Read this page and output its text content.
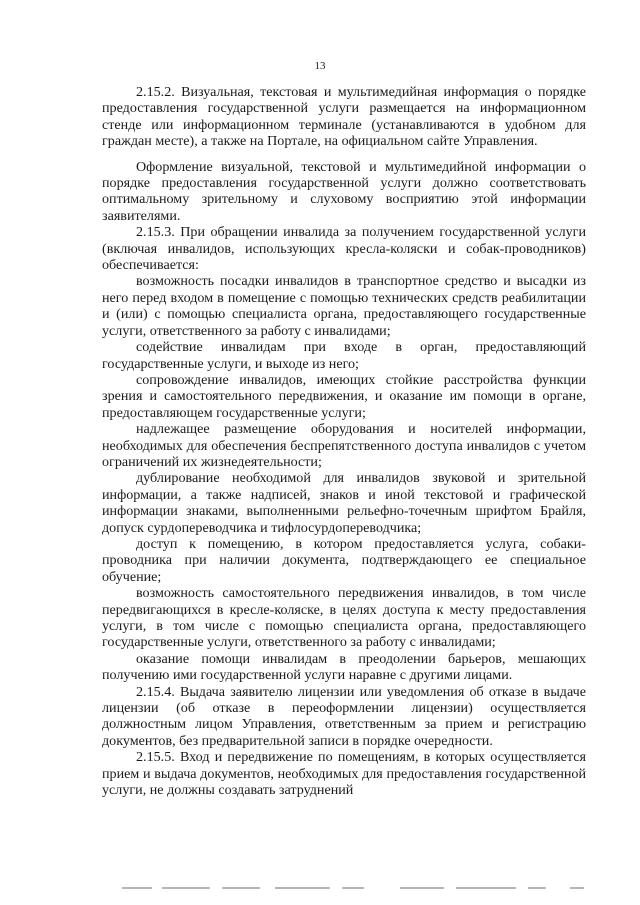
13

2.15.2. Визуальная, текстовая и мультимедийная информация о порядке предоставления государственной услуги размещается на информационном стенде или информационном терминале (устанавливаются в удобном для граждан месте), а также на Портале, на официальном сайте Управления.

Оформление визуальной, текстовой и мультимедийной информации о порядке предоставления государственной услуги должно соответствовать оптимальному зрительному и слуховому восприятию этой информации заявителями.

2.15.3. При обращении инвалида за получением государственной услуги (включая инвалидов, использующих кресла-коляски и собак-проводников) обеспечивается:

возможность посадки инвалидов в транспортное средство и высадки из него перед входом в помещение с помощью технических средств реабилитации и (или) с помощью специалиста органа, предоставляющего государственные услуги, ответственного за работу с инвалидами;

содействие инвалидам при входе в орган, предоставляющий государственные услуги, и выходе из него;

сопровождение инвалидов, имеющих стойкие расстройства функции зрения и самостоятельного передвижения, и оказание им помощи в органе, предоставляющем государственные услуги;

надлежащее размещение оборудования и носителей информации, необходимых для обеспечения беспрепятственного доступа инвалидов с учетом ограничений их жизнедеятельности;

дублирование необходимой для инвалидов звуковой и зрительной информации, а также надписей, знаков и иной текстовой и графической информации знаками, выполненными рельефно-точечным шрифтом Брайля, допуск сурдопереводчика и тифлосурдопереводчика;

доступ к помещению, в котором предоставляется услуга, собаки-проводника при наличии документа, подтверждающего ее специальное обучение;

возможность самостоятельного передвижения инвалидов, в том числе передвигающихся в кресле-коляске, в целях доступа к месту предоставления услуги, в том числе с помощью специалиста органа, предоставляющего государственные услуги, ответственного за работу с инвалидами;

оказание помощи инвалидам в преодолении барьеров, мешающих получению ими государственной услуги наравне с другими лицами.

2.15.4. Выдача заявителю лицензии или уведомления об отказе в выдаче лицензии (об отказе в переоформлении лицензии) осуществляется должностным лицом Управления, ответственным за прием и регистрацию документов, без предварительной записи в порядке очередности.

2.15.5. Вход и передвижение по помещениям, в которых осуществляется прием и выдача документов, необходимых для предоставления государственной услуги, не должны создавать затруднений
